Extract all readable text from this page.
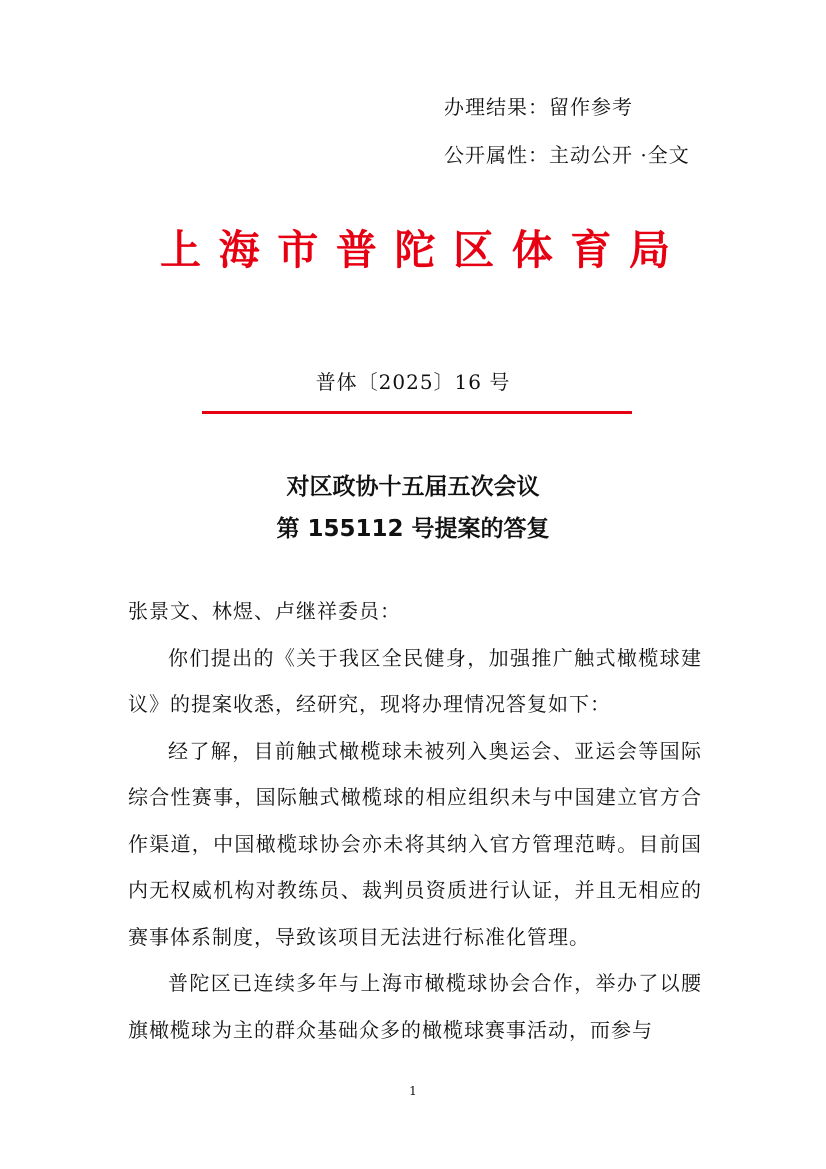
办理结果：留作参考
公开属性：主动公开 ·全文
上海市普陀区体育局
普体〔2025〕16 号
对区政协十五届五次会议
第 155112 号提案的答复

张景文、林煜、卢继祥委员：

你们提出的《关于我区全民健身，加强推广触式橄榄球建议》的提案收悉，经研究，现将办理情况答复如下：

经了解，目前触式橄榄球未被列入奥运会、亚运会等国际综合性赛事，国际触式橄榄球的相应组织未与中国建立官方合作渠道，中国橄榄球协会亦未将其纳入官方管理范畴。目前国内无权威机构对教练员、裁判员资质进行认证，并且无相应的赛事体系制度，导致该项目无法进行标准化管理。

普陀区已连续多年与上海市橄榄球协会合作，举办了以腰旗橄榄球为主的群众基础众多的橄榄球赛事活动，而参与

1
